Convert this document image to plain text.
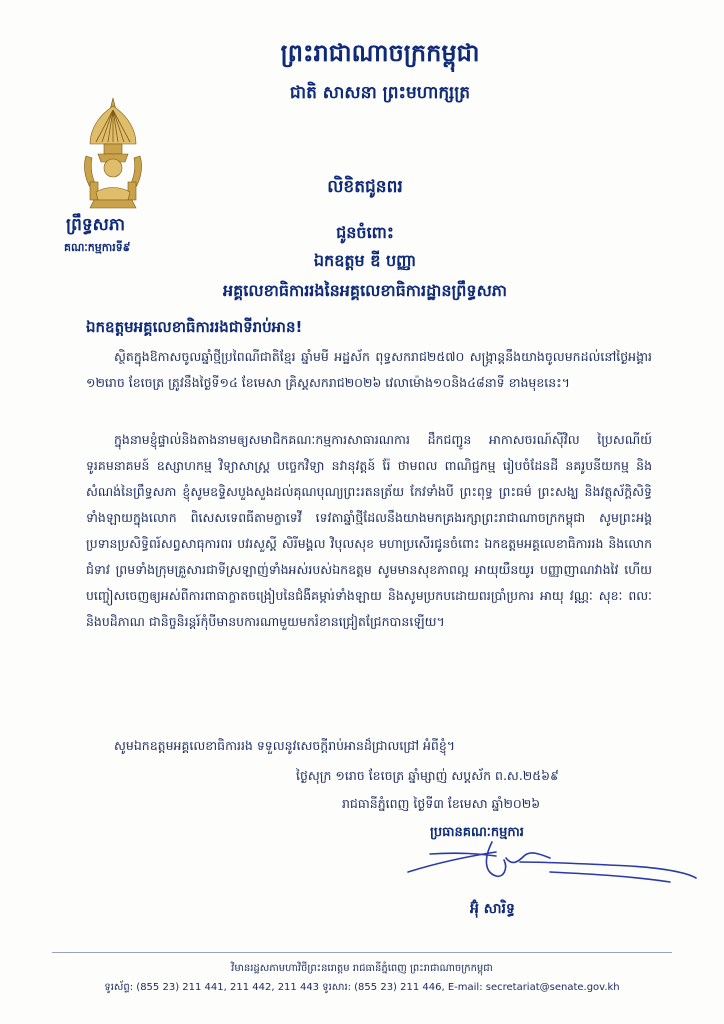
ព្រះរាជាណាចក្រកម្ពុជា
ជាតិ សាសនា ព្រះមហាក្សត្រ
ព្រឹទ្ធសភា
គណៈកម្មការទី៩
លិខិតជូនពរ
ជូនចំពោះ
ឯកឧត្តម ឌី បញ្ញា
អគ្គលេខាធិការរងនៃអគ្គលេខាធិការដ្ឋានព្រឹទ្ធសភា
ឯកឧត្តមអគ្គលេខាធិការរងជាទីរាប់អាន!
ស្ថិតក្នុងឱកាសចូលឆ្នាំថ្មីប្រពៃណីជាតិខ្មែរ ឆ្នាំមមី អដ្ឋស័ក ពុទ្ធសករាជ២៥៧០ សង្ក្រាន្តនឹងយាងចូលមកដល់នៅថ្ងៃអង្គារ ១២រោច ខែចេត្រ ត្រូវនឹងថ្ងៃទី១៤ ខែមេសា គ្រិស្តសករាជ២០២៦ វេលាម៉ោង១០និង៤៨នាទី ខាងមុខនេះ។
ក្នុងនាមខ្ញុំផ្ទាល់និងតាងនាមឲ្យសមាជិកគណៈកម្មការសាធារណការ ដឹកជញ្ជូន អាកាសចរណ៍ស៊ីវិល ប្រៃសណីយ៍ ទូរគមនាគមន៍ ឧស្សាហកម្ម វិទ្យាសាស្ត្រ បច្ចេកវិទ្យា នវានុវត្តន៍ រ៉ែ ថាមពល ពាណិជ្ជកម្ម រៀបចំដែនដី នគរូបនីយកម្ម និងសំណង់នៃព្រឹទ្ធសភា ខ្ញុំសូមឧទ្ទិសបួងសួងដល់គុណបុណ្យព្រះរតនត្រ័យ កែវទាំងបី ព្រះពុទ្ធ ព្រះធម៌ ព្រះសង្ឃ និងវត្ថុស័ក្តិសិទ្ធិទាំងឡាយក្នុងលោក ពិសេសទេពធីតាមក្ខាទេវី ទេវតាឆ្នាំថ្មីដែលនឹងយាងមកគ្រងរក្សាព្រះរាជាណាចក្រកម្ពុជា សូមព្រះអង្គប្រទានប្រសិទ្ធិពរ៍សព្វសាធុការពរ បវរសួស្តី សិរីមង្គល វិបុលសុខ មហាប្រសើរជូនចំពោះ ឯកឧត្តមអគ្គលេខាធិការរង និងលោកជំទាវ ព្រមទាំងក្រុមគ្រួសារជាទីស្រឡាញ់ទាំងអស់របស់ឯកឧត្តម សូមមានសុខភាពល្អ អាយុយឺនយូរ បញ្ញាញាណវាងវៃ ហើយបញ្ចៀសចេញឲ្យអស់ពីការពាធាក្ខាតចង្រៀបនៃជំងឺគម្ការ់ទាំងឡាយ និងសូមប្រកបដោយពរប្រាំប្រការ អាយុ វណ្ណៈ សុខៈ ពលៈ និងបដិភាណ ជានិច្ចនិរន្តរ៍កុំបីមានបការណាមួយមករំខានជ្រៀតជ្រែកបានឡើយ។
សូមឯកឧត្តមអគ្គលេខាធិការរង ទទួលនូវសេចក្តីរាប់អានដ៏ជ្រាលជ្រៅ អំពីខ្ញុំ។
ថ្ងៃសុក្រ ១រោច ខែចេត្រ ឆ្នាំម្សាញ់ សប្តស័ក ព.ស.២៥៦៩
រាជធានីភ្នំពេញ ថ្ងៃទី៣ ខែមេសា ឆ្នាំ២០២៦
ប្រធានគណៈកម្មការ
អ៊ុំ សារិទ្ធ
វិមានរដ្ឋសភាមហាវិថីព្រះនរោត្តម រាជធានីភ្នំពេញ ព្រះរាជាណាចក្រកម្ពុជា
ទូរស័ព្ទ: (855 23) 211 441, 211 442, 211 443 ទូរសារ: (855 23) 211 446, E-mail: secretariat@senate.gov.kh
